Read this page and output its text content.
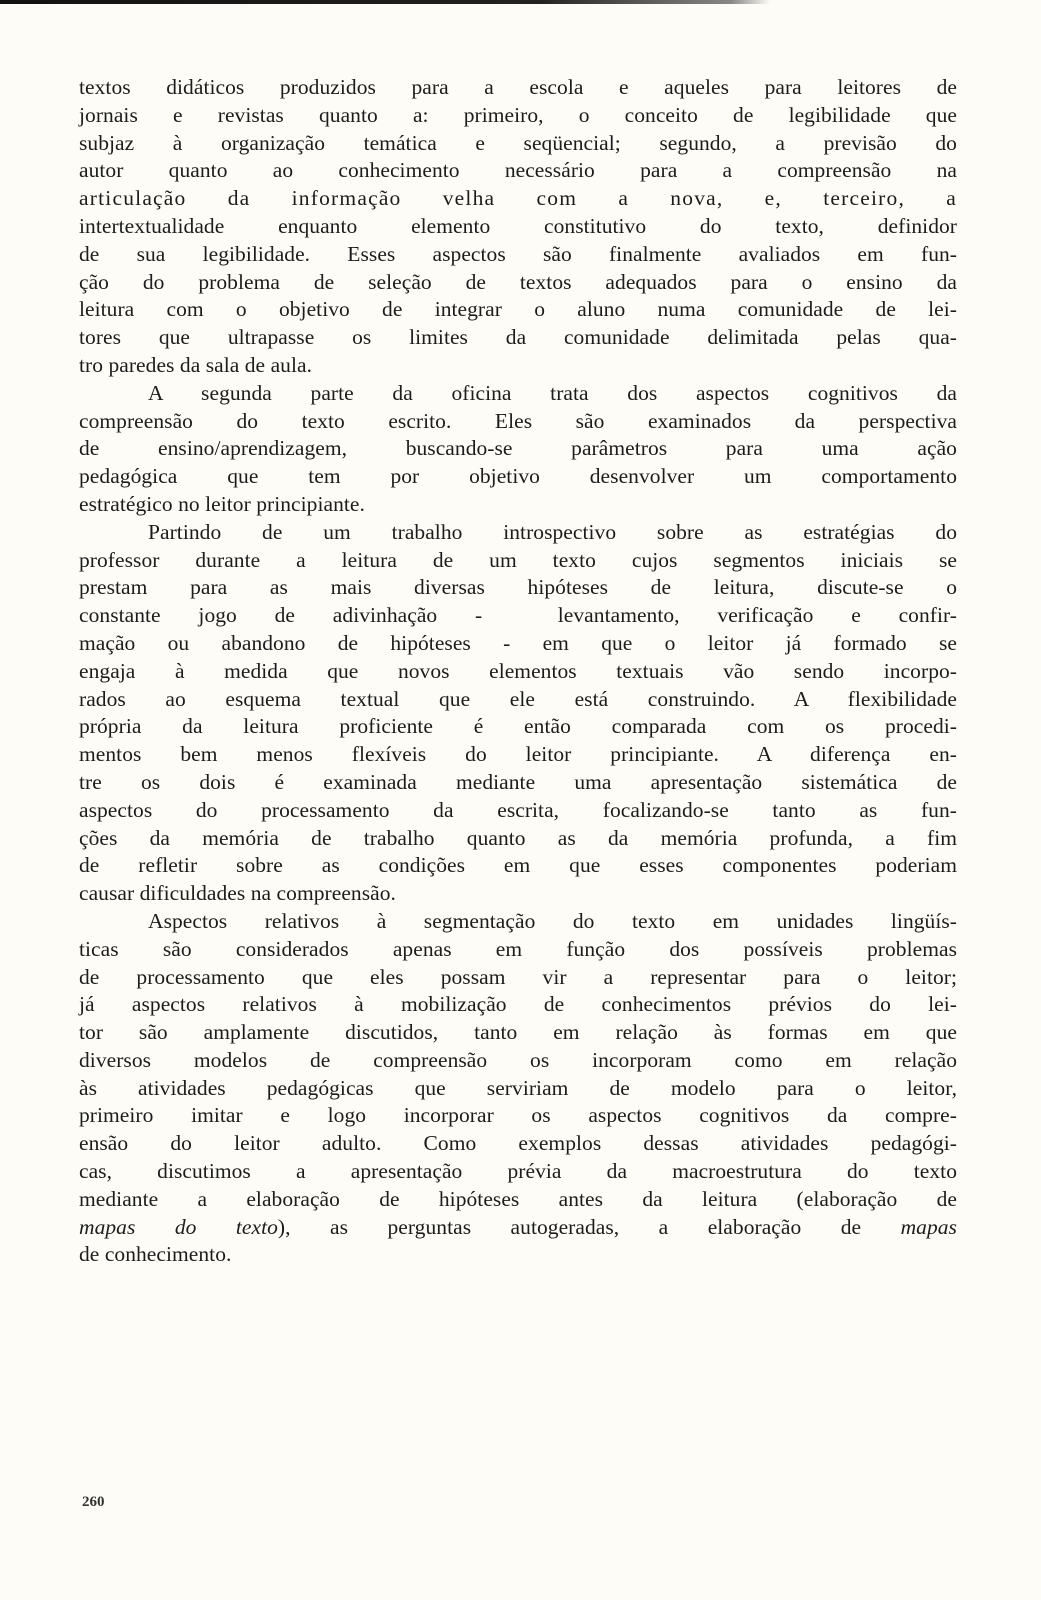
textos didáticos produzidos para a escola e aqueles para leitores de
jornais e revistas quanto a: primeiro, o conceito de legibilidade que
subjaz à organização temática e seqüencial; segundo, a previsão do
autor quanto ao conhecimento necessário para a compreensão na
articulação da informação velha com a nova, e, terceiro, a
intertextualidade enquanto elemento constitutivo do texto, definidor
de sua legibilidade. Esses aspectos são finalmente avaliados em fun-
ção do problema de seleção de textos adequados para o ensino da
leitura com o objetivo de integrar o aluno numa comunidade de lei-
tores que ultrapasse os limites da comunidade delimitada pelas qua-
tro paredes da sala de aula.
A segunda parte da oficina trata dos aspectos cognitivos da
compreensão do texto escrito. Eles são examinados da perspectiva
de ensino/aprendizagem, buscando-se parâmetros para uma ação
pedagógica que tem por objetivo desenvolver um comportamento
estratégico no leitor principiante.
Partindo de um trabalho introspectivo sobre as estratégias do
professor durante a leitura de um texto cujos segmentos iniciais se
prestam para as mais diversas hipóteses de leitura, discute-se o
constante jogo de adivinhação -  levantamento, verificação e confir-
mação ou abandono de hipóteses - em que o leitor já formado se
engaja à medida que novos elementos textuais vão sendo incorpo-
rados ao esquema textual que ele está construindo. A flexibilidade
própria da leitura proficiente é então comparada com os procedi-
mentos bem menos flexíveis do leitor principiante. A diferença en-
tre os dois é examinada mediante uma apresentação sistemática de
aspectos do processamento da escrita, focalizando-se tanto as fun-
ções da memória de trabalho quanto as da memória profunda, a fim
de refletir sobre as condições em que esses componentes poderiam
causar dificuldades na compreensão.
Aspectos relativos à segmentação do texto em unidades lingüís-
ticas são considerados apenas em função dos possíveis problemas
de processamento que eles possam vir a representar para o leitor;
já aspectos relativos à mobilização de conhecimentos prévios do lei-
tor são amplamente discutidos, tanto em relação às formas em que
diversos modelos de compreensão os incorporam como em relação
às atividades pedagógicas que serviriam de modelo para o leitor,
primeiro imitar e logo incorporar os aspectos cognitivos da compre-
ensão do leitor adulto. Como exemplos dessas atividades pedagógi-
cas, discutimos a apresentação prévia da macroestrutura do texto
mediante a elaboração de hipóteses antes da leitura (elaboração de
mapas do texto), as perguntas autogeradas, a elaboração de mapas
de conhecimento.
260
